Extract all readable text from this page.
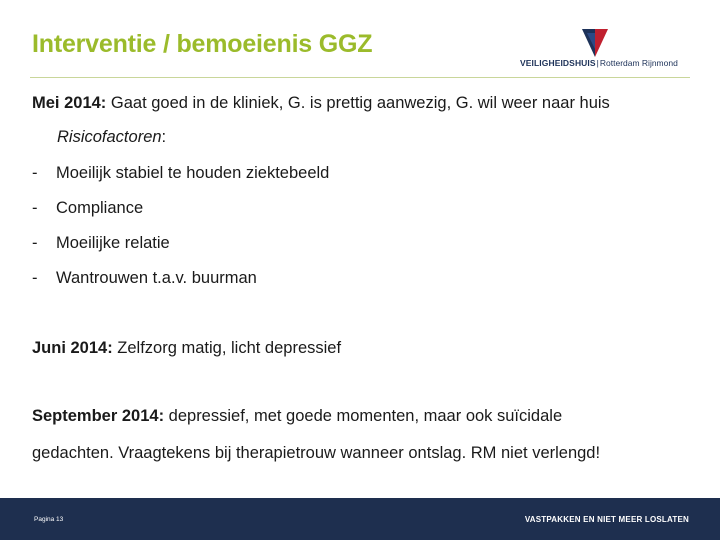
Interventie / bemoeienis GGZ
VEILIGHEIDSHUIS|Rotterdam Rijnmond
Mei 2014: Gaat goed in de kliniek, G. is prettig aanwezig, G. wil weer naar huis
Risicofactoren:
- Moeilijk stabiel te houden ziektebeeld
- Compliance
- Moeilijke relatie
- Wantrouwen t.a.v. buurman
Juni 2014: Zelfzorg matig, licht depressief
September 2014: depressief, met goede momenten, maar ook suïcidale
gedachten. Vraagtekens bij therapietrouw wanneer ontslag. RM niet verlengd!
Pagina 13	VASTPAKKEN EN NIET MEER LOSLATEN
